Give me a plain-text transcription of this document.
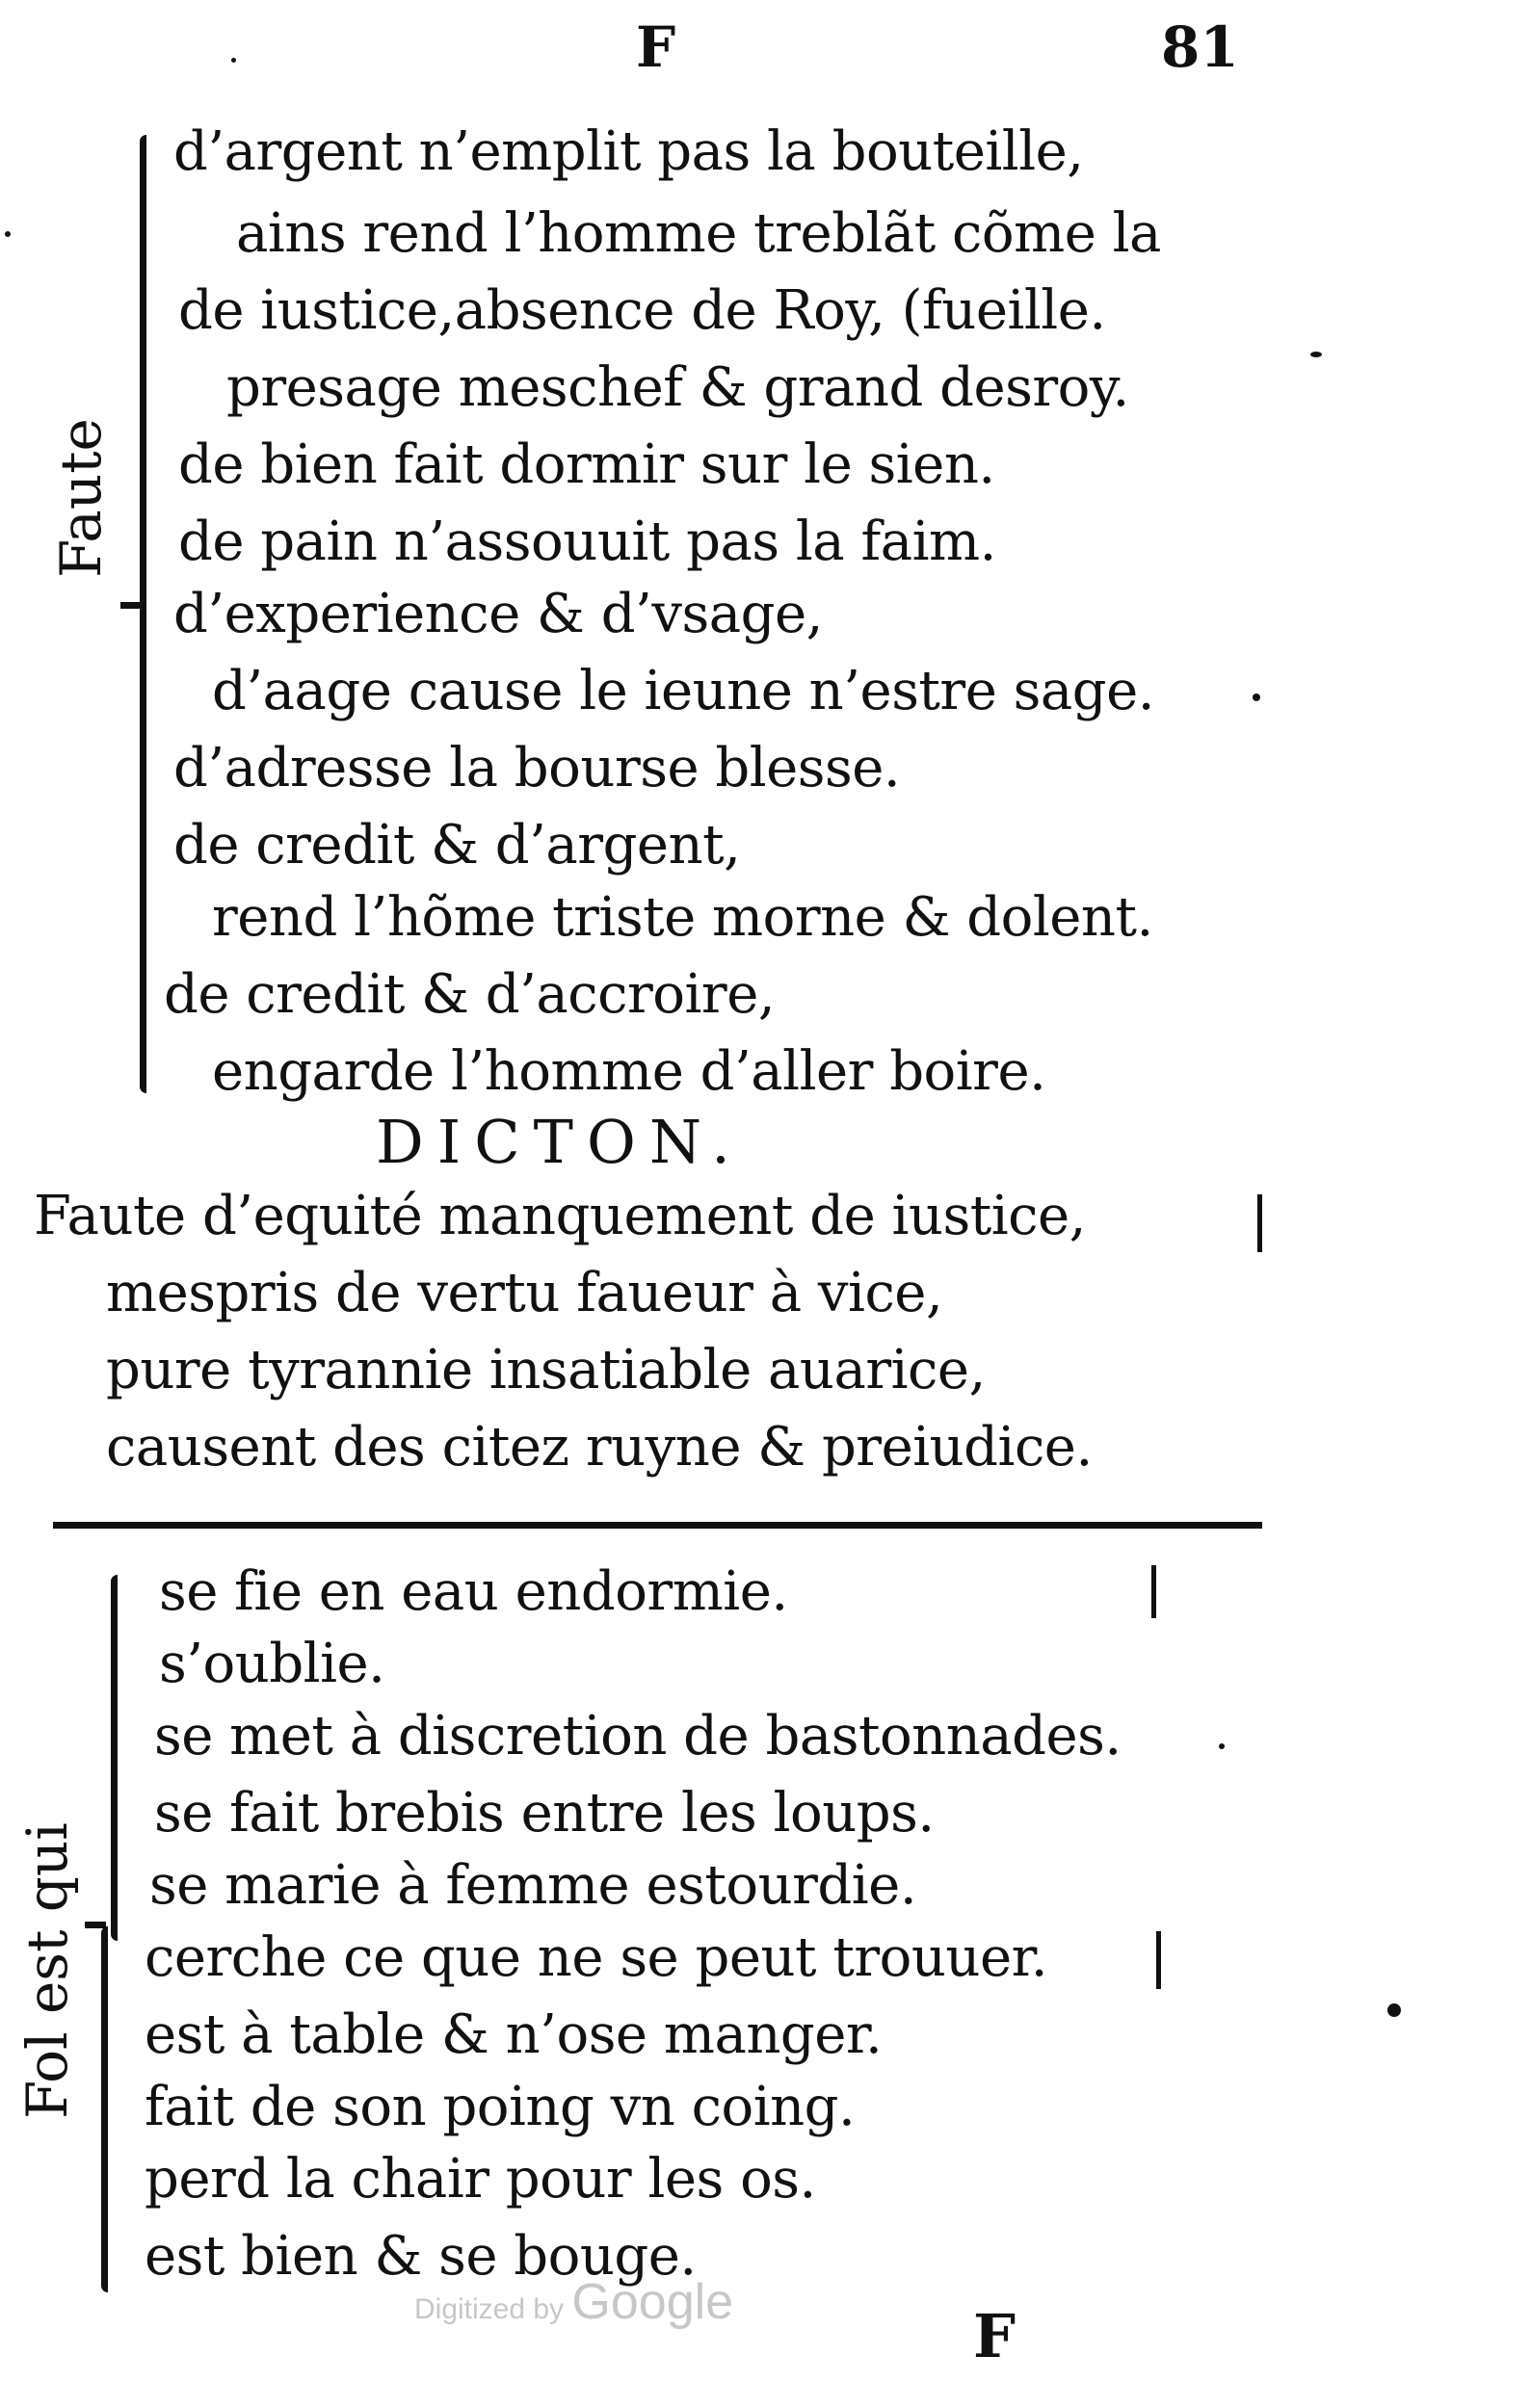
F	81
Faute
d’argent n’emplit pas la bouteille,
ains rend l’homme treblãt cõme la
de iustice,absence de Roy, (fueille.
presage meschef & grand desroy.
de bien fait dormir sur le sien.
de pain n’assouuit pas la faim.
d’experience & d’vsage,
d’aage cause le ieune n’estre sage.
d’adresse la bourse blesse.
de credit & d’argent,
rend l’hõme triste morne & dolent.
de credit & d’accroire,
engarde l’homme d’aller boire.
DICTON.
Faute d’equité manquement de iustice,
mespris de vertu faueur à vice,
pure tyrannie insatiable auarice,
causent des citez ruyne & preiudice.
Fol est qui
se fie en eau endormie.
s’oublie.
se met à discretion de bastonnades.
se fait brebis entre les loups.
se marie à femme estourdie.
cerche ce que ne se peut trouuer.
est à table & n’ose manger.
fait de son poing vn coing.
perd la chair pour les os.
est bien & se bouge.
Digitized by Google	F
